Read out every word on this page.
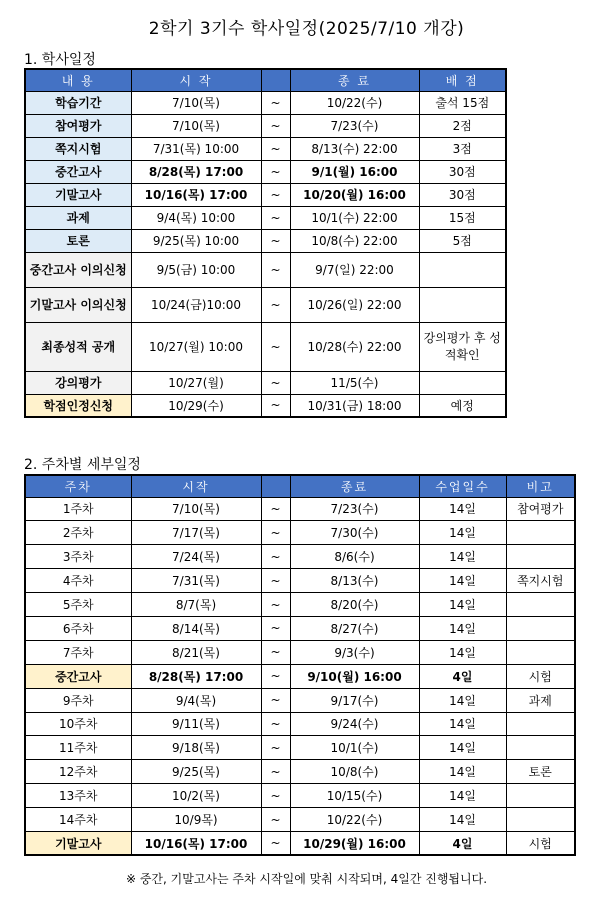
2학기 3기수 학사일정(2025/7/10 개강)
1. 학사일정
내 용	시 작		종 료	배 점
학습기간	7/10(목)	~	10/22(수)	출석 15점
참여평가	7/10(목)	~	7/23(수)	2점
쪽지시험	7/31(목) 10:00	~	8/13(수) 22:00	3점
중간고사	8/28(목) 17:00	~	9/1(월) 16:00	30점
기말고사	10/16(목) 17:00	~	10/20(월) 16:00	30점
과제	9/4(목) 10:00	~	10/1(수) 22:00	15점
토론	9/25(목) 10:00	~	10/8(수) 22:00	5점
중간고사 이의신청	9/5(금) 10:00	~	9/7(일) 22:00	
기말고사 이의신청	10/24(금)10:00	~	10/26(일) 22:00	
최종성적 공개	10/27(월) 10:00	~	10/28(수) 22:00	강의평가 후 성적확인
강의평가	10/27(월)	~	11/5(수)	
학점인정신청	10/29(수)	~	10/31(금) 18:00	예정
2. 주차별 세부일정
주차	시작		종료	수업일수	비고
1주차	7/10(목)	~	7/23(수)	14일	참여평가
2주차	7/17(목)	~	7/30(수)	14일	
3주차	7/24(목)	~	8/6(수)	14일	
4주차	7/31(목)	~	8/13(수)	14일	쪽지시험
5주차	8/7(목)	~	8/20(수)	14일	
6주차	8/14(목)	~	8/27(수)	14일	
7주차	8/21(목)	~	9/3(수)	14일	
중간고사	8/28(목) 17:00	~	9/10(월) 16:00	4일	시험
9주차	9/4(목)	~	9/17(수)	14일	과제
10주차	9/11(목)	~	9/24(수)	14일	
11주차	9/18(목)	~	10/1(수)	14일	
12주차	9/25(목)	~	10/8(수)	14일	토론
13주차	10/2(목)	~	10/15(수)	14일	
14주차	10/9목)	~	10/22(수)	14일	
기말고사	10/16(목) 17:00	~	10/29(월) 16:00	4일	시험
※ 중간, 기말고사는 주차 시작일에 맞춰 시작되며, 4일간 진행됩니다.
